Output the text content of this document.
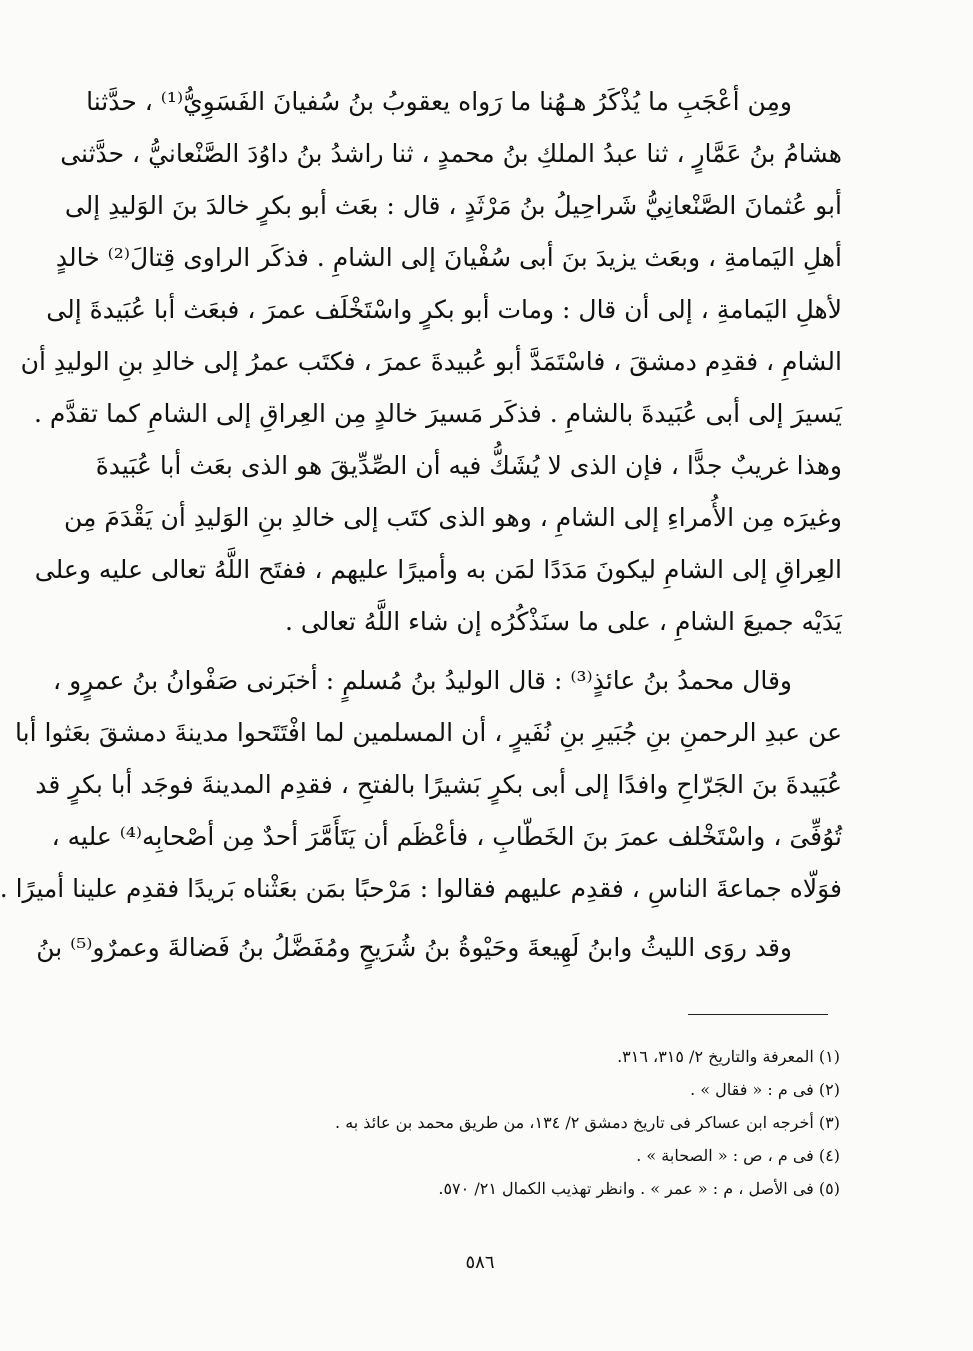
ومِن أعْجَبِ ما يُذْكَرُ هـهُنا ما رَواه يعقوبُ بنُ سُفيانَ الفَسَوِيُّ⁽¹⁾ ، حدَّثنا
هشامُ بنُ عَمَّارٍ ، ثنا عبدُ الملكِ بنُ محمدٍ ، ثنا راشدُ بنُ داوُدَ الصَّنْعانيُّ ، حدَّثنى
أبو عُثمانَ الصَّنْعانِيُّ شَراحِيلُ بنُ مَرْثَدٍ ، قال : بعَث أبو بكرٍ خالدَ بنَ الوَليدِ إلى
أهلِ اليَمامةِ ، وبعَث يزيدَ بنَ أبى سُفْيانَ إلى الشامِ . فذكَر الراوى قِتالَ⁽²⁾ خالدٍ
لأهلِ اليَمامةِ ، إلى أن قال : ومات أبو بكرٍ واسْتَخْلَف عمرَ ، فبعَث أبا عُبَيدةَ إلى
الشامِ ، فقدِم دمشقَ ، فاسْتَمَدَّ أبو عُبيدةَ عمرَ ، فكتَب عمرُ إلى خالدِ بنِ الوليدِ أن
يَسيرَ إلى أبى عُبَيدةَ بالشامِ . فذكَر مَسيرَ خالدٍ مِن العِراقِ إلى الشامِ كما تقدَّم .
وهذا غريبٌ جدًّا ، فإن الذى لا يُشَكُّ فيه أن الصِّدِّيقَ هو الذى بعَث أبا عُبَيدةَ
وغيرَه مِن الأُمراءِ إلى الشامِ ، وهو الذى كتَب إلى خالدِ بنِ الوَليدِ أن يَقْدَمَ مِن
العِراقِ إلى الشامِ ليكونَ مَدَدًا لمَن به وأميرًا عليهم ، ففتَح اللَّهُ تعالى عليه وعلى
يَدَيْه جميعَ الشامِ ، على ما سنَذْكُرُه إن شاء اللَّهُ تعالى .
وقال محمدُ بنُ عائذٍ⁽³⁾ : قال الوليدُ بنُ مُسلمٍ : أخبَرنى صَفْوانُ بنُ عمرٍو ،
عن عبدِ الرحمنِ بنِ جُبَيرِ بنِ نُفَيرٍ ، أن المسلمين لما افْتَتَحوا مدينةَ دمشقَ بعَثوا أبا
عُبَيدةَ بنَ الجَرّاحِ وافدًا إلى أبى بكرٍ بَشيرًا بالفتحِ ، فقدِم المدينةَ فوجَد أبا بكرٍ قد
تُوُفِّىَ ، واسْتَخْلف عمرَ بنَ الخَطّابِ ، فأعْظَم أن يَتَأَمَّرَ أحدٌ مِن أصْحابِه⁽⁴⁾ عليه ،
فوَلّاه جماعةَ الناسِ ، فقدِم عليهم فقالوا : مَرْحبًا بمَن بعَثْناه بَريدًا فقدِم علينا أميرًا .
وقد روَى الليثُ وابنُ لَهِيعةَ وحَيْوةُ بنُ شُرَيحٍ ومُفَضَّلُ بنُ فَضالةَ وعمرٌو⁽⁵⁾ بنُ
(١) المعرفة والتاريخ ٢/ ٣١٥، ٣١٦.
(٢) فى م : « فقال » .
(٣) أخرجه ابن عساكر فى تاريخ دمشق ٢/ ١٣٤، من طريق محمد بن عائذ به .
(٤) فى م ، ص : « الصحابة » .
(٥) فى الأصل ، م : « عمر » . وانظر تهذيب الكمال ٢١/ ٥٧٠.
٥٨٦
